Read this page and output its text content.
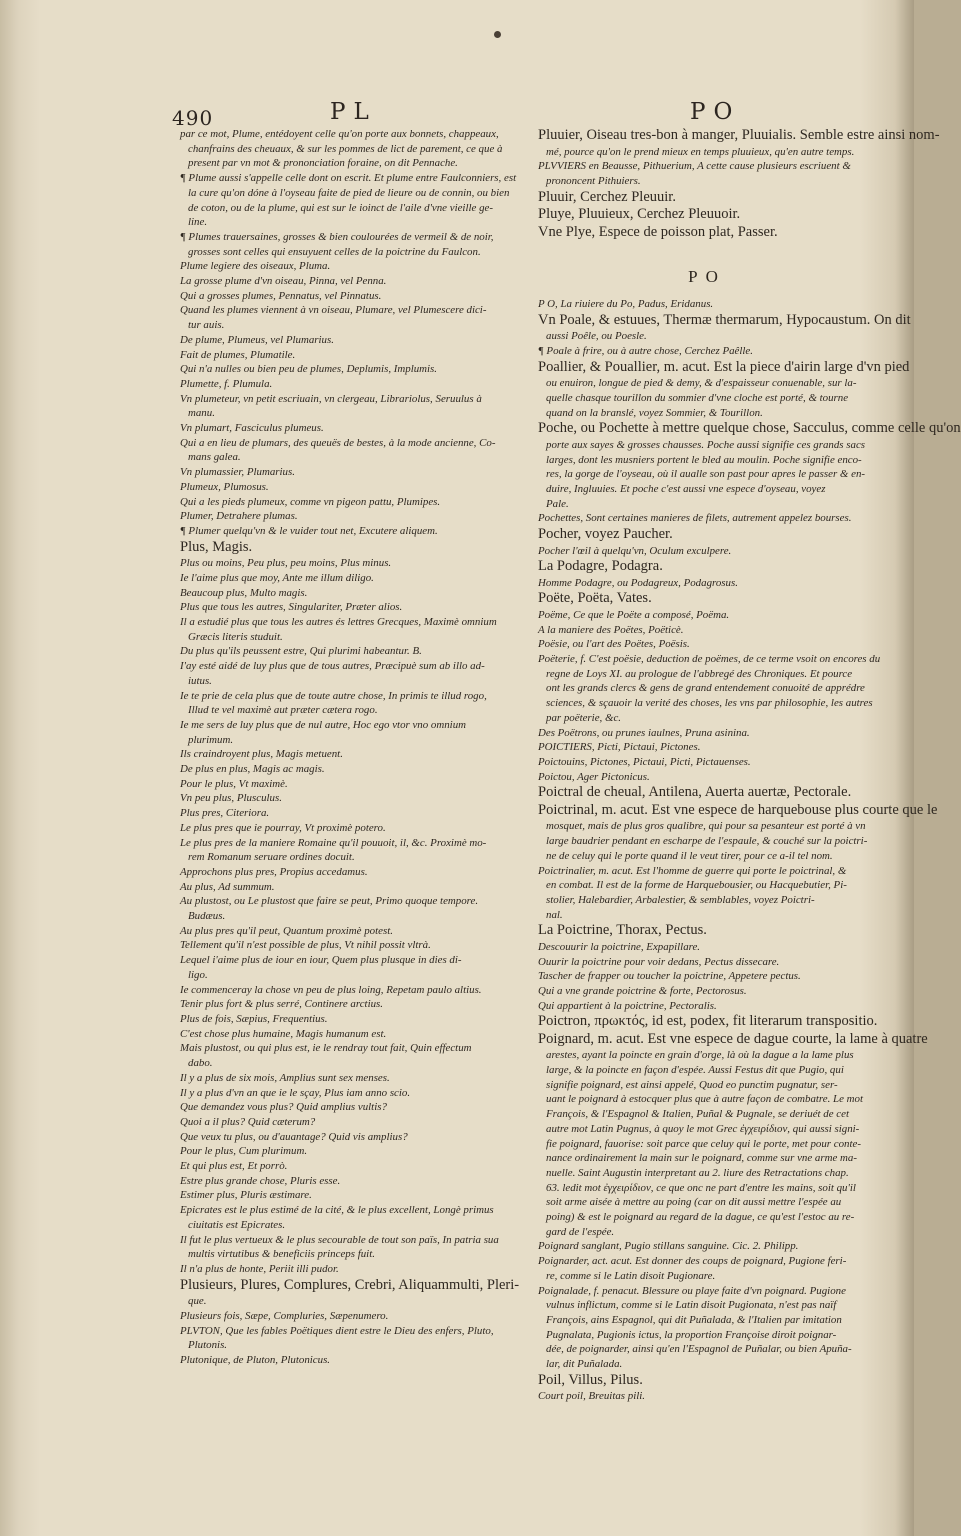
490	PL	PO
par ce mot, Plume, entédoyent celle qu'on porte aux bonnets, chappeaux,
chanfrains des cheuaux, & sur les pommes de lict de parement, ce que à
present par vn mot & prononciation foraine, on dit Pennache.
¶ Plume aussi s'appelle celle dont on escrit. Et plume entre Faulconniers, est
la cure qu'on dóne à l'oyseau faite de pied de lieure ou de connin, ou bien
de coton, ou de la plume, qui est sur le ioinct de l'aile d'vne vieille ge-
line.
¶ Plumes trauersaines, grosses & bien coulourées de vermeil & de noir,
grosses sont celles qui ensuyuent celles de la poictrine du Faulcon.
Plume legiere des oiseaux, Pluma.
La grosse plume d'vn oiseau, Pinna, vel Penna.
Qui a grosses plumes, Pennatus, vel Pinnatus.
Quand les plumes viennent à vn oiseau, Plumare, vel Plumescere dici-
tur auis.
De plume, Plumeus, vel Plumarius.
Fait de plumes, Plumatile.
Qui n'a nulles ou bien peu de plumes, Deplumis, Implumis.
Plumette, f. Plumula.
Vn plumeteur, vn petit escriuain, vn clergeau, Librariolus, Seruulus à
manu.
Vn plumart, Fasciculus plumeus.
Qui a en lieu de plumars, des queuës de bestes, à la mode ancienne, Co-
mans galea.
Vn plumassier, Plumarius.
Plumeux, Plumosus.
Qui a les pieds plumeux, comme vn pigeon pattu, Plumipes.
Plumer, Detrahere plumas.
¶ Plumer quelqu'vn & le vuider tout net, Excutere aliquem.
Plus, Magis.
Plus ou moins, Peu plus, peu moins, Plus minus.
Ie l'aime plus que moy, Ante me illum diligo.
Beaucoup plus, Multo magis.
Plus que tous les autres, Singulariter, Præter alios.
Il a estudié plus que tous les autres és lettres Grecques, Maximè omnium
Græcis literis studuit.
Du plus qu'ils peussent estre, Qui plurimi habeantur. B.
I'ay esté aidé de luy plus que de tous autres, Præcipuè sum ab illo ad-
iutus.
Ie te prie de cela plus que de toute autre chose, In primis te illud rogo,
Illud te vel maximè aut præter cætera rogo.
Ie me sers de luy plus que de nul autre, Hoc ego vtor vno omnium
plurimum.
Ils craindroyent plus, Magis metuent.
De plus en plus, Magis ac magis.
Pour le plus, Vt maximè.
Vn peu plus, Plusculus.
Plus pres, Citeriora.
Le plus pres que ie pourray, Vt proximè potero.
Le plus pres de la maniere Romaine qu'il pouuoit, il, &c. Proximè mo-
rem Romanum seruare ordines docuit.
Approchons plus pres, Propius accedamus.
Au plus, Ad summum.
Au plustost, ou Le plustost que faire se peut, Primo quoque tempore.
Budæus.
Au plus pres qu'il peut, Quantum proximè potest.
Tellement qu'il n'est possible de plus, Vt nihil possit vltrà.
Lequel i'aime plus de iour en iour, Quem plus plusque in dies di-
ligo.
Ie commenceray la chose vn peu de plus loing, Repetam paulo altius.
Tenir plus fort & plus serré, Continere arctius.
Plus de fois, Sæpius, Frequentius.
C'est chose plus humaine, Magis humanum est.
Mais plustost, ou qui plus est, ie le rendray tout fait, Quin effectum
dabo.
Il y a plus de six mois, Amplius sunt sex menses.
Il y a plus d'vn an que ie le sçay, Plus iam anno scio.
Que demandez vous plus? Quid amplius vultis?
Quoi a il plus? Quid cæterum?
Que veux tu plus, ou d'auantage? Quid vis amplius?
Pour le plus, Cum plurimum.
Et qui plus est, Et porrò.
Estre plus grande chose, Pluris esse.
Estimer plus, Pluris æstimare.
Epicrates est le plus estimé de la cité, & le plus excellent, Longè primus
ciuitatis est Epicrates.
Il fut le plus vertueux & le plus secourable de tout son païs, In patria sua
multis virtutibus & beneficiis princeps fuit.
Il n'a plus de honte, Periit illi pudor.
Plusieurs, Plures, Complures, Crebri, Aliquammulti, Pleri-
que.
Plusieurs fois, Sæpe, Compluries, Sæpenumero.
PLVTON, Que les fables Poëtiques dient estre le Dieu des enfers, Pluto,
Plutonis.
Plutonique, de Pluton, Plutonicus.
Pluuier, Oiseau tres-bon à manger, Pluuialis. Semble estre ainsi nom-
mé, pource qu'on le prend mieux en temps pluuieux, qu'en autre temps.
PLVVIERS en Beausse, Pithuerium, A cette cause plusieurs escriuent &
prononcent Pithuiers.
Pluuir, Cerchez Pleuuir.
Pluye, Pluuieux, Cerchez Pleuuoir.
Vne Plye, Espece de poisson plat, Passer.
PO
P O, La riuiere du Po, Padus, Eridanus.
Vn Poale, & estuues, Thermæ thermarum, Hypocaustum. On dit
aussi Poêle, ou Poesle.
¶ Poale à frire, ou à autre chose, Cerchez Paêlle.
Poallier, & Pouallier, m. acut. Est la piece d'airin large d'vn pied
ou enuiron, longue de pied & demy, & d'espaisseur conuenable, sur la-
quelle chasque tourillon du sommier d'vne cloche est porté, & tourne
quand on la branslé, voyez Sommier, & Tourillon.
Poche, ou Pochette à mettre quelque chose, Sacculus, comme celle qu'on
porte aux sayes & grosses chausses. Poche aussi signifie ces grands sacs
larges, dont les musniers portent le bled au moulin. Poche signifie enco-
res, la gorge de l'oyseau, où il aualle son past pour apres le passer & en-
duire, Ingluuies. Et poche c'est aussi vne espece d'oyseau, voyez
Pale.
Pochettes, Sont certaines manieres de filets, autrement appelez bourses.
Pocher, voyez Paucher.
Pocher l'œil à quelqu'vn, Oculum exculpere.
La Podagre, Podagra.
Homme Podagre, ou Podagreux, Podagrosus.
Poëte, Poëta, Vates.
Poëme, Ce que le Poëte a composé, Poëma.
A la maniere des Poëtes, Poëticè.
Poësie, ou l'art des Poëtes, Poësis.
Poëterie, f. C'est poësie, deduction de poëmes, de ce terme vsoit on encores du
regne de Loys XI. au prologue de l'abbregé des Chroniques. Et pource
ont les grands clercs & gens de grand entendement conuoité de apprédre
sciences, & sçauoir la verité des choses, les vns par philosophie, les autres
par poëterie, &c.
Des Poëtrons, ou prunes iaulnes, Pruna asinina.
POICTIERS, Picti, Pictaui, Pictones.
Poictouins, Pictones, Pictaui, Picti, Pictauenses.
Poictou, Ager Pictonicus.
Poictral de cheual, Antilena, Auerta auertæ, Pectorale.
Poictrinal, m. acut. Est vne espece de harquebouse plus courte que le
mosquet, mais de plus gros qualibre, qui pour sa pesanteur est porté à vn
large baudrier pendant en escharpe de l'espaule, & couché sur la poictri-
ne de celuy qui le porte quand il le veut tirer, pour ce a-il tel nom.
Poictrinalier, m. acut. Est l'homme de guerre qui porte le poictrinal, &
en combat. Il est de la forme de Harquebousier, ou Hacquebutier, Pi-
stolier, Halebardier, Arbalestier, & semblables, voyez Poictri-
nal.
La Poictrine, Thorax, Pectus.
Descouurir la poictrine, Expapillare.
Ouurir la poictrine pour voir dedans, Pectus dissecare.
Tascher de frapper ou toucher la poictrine, Appetere pectus.
Qui a vne grande poictrine & forte, Pectorosus.
Qui appartient à la poictrine, Pectoralis.
Poictron, πρωκτός, id est, podex, fit literarum transpositio.
Poignard, m. acut. Est vne espece de dague courte, la lame à quatre
arestes, ayant la poincte en grain d'orge, là où la dague a la lame plus
large, & la poincte en façon d'espée. Aussi Festus dit que Pugio, qui
signifie poignard, est ainsi appelé, Quod eo punctim pugnatur, ser-
uant le poignard à estocquer plus que à autre façon de combatre. Le mot
François, & l'Espagnol & Italien, Puñal & Pugnale, se deriuét de cet
autre mot Latin Pugnus, à quoy le mot Grec ἐγχειρίδιον, qui aussi signi-
fie poignard, fauorise: soit parce que celuy qui le porte, met pour conte-
nance ordinairement la main sur le poignard, comme sur vne arme ma-
nuelle. Saint Augustin interpretant au 2. liure des Retractations chap.
63. ledit mot ἐγχειρίδιον, ce que onc ne part d'entre les mains, soit qu'il
soit arme aisée à mettre au poing (car on dit aussi mettre l'espée au
poing) & est le poignard au regard de la dague, ce qu'est l'estoc au re-
gard de l'espée.
Poignard sanglant, Pugio stillans sanguine. Cic. 2. Philipp.
Poignarder, act. acut. Est donner des coups de poignard, Pugione feri-
re, comme si le Latin disoit Pugionare.
Poignalade, f. penacut. Blessure ou playe faite d'vn poignard. Pugione
vulnus inflictum, comme si le Latin disoit Pugionata, n'est pas naïf
François, ains Espagnol, qui dit Puñalada, & l'Italien par imitation
Pugnalata, Pugionis ictus, la proportion Françoise diroit poignar-
dée, de poignarder, ainsi qu'en l'Espagnol de Puñalar, ou bien Apuña-
lar, dit Puñalada.
Poil, Villus, Pilus.
Court poil, Breuitas pili.
